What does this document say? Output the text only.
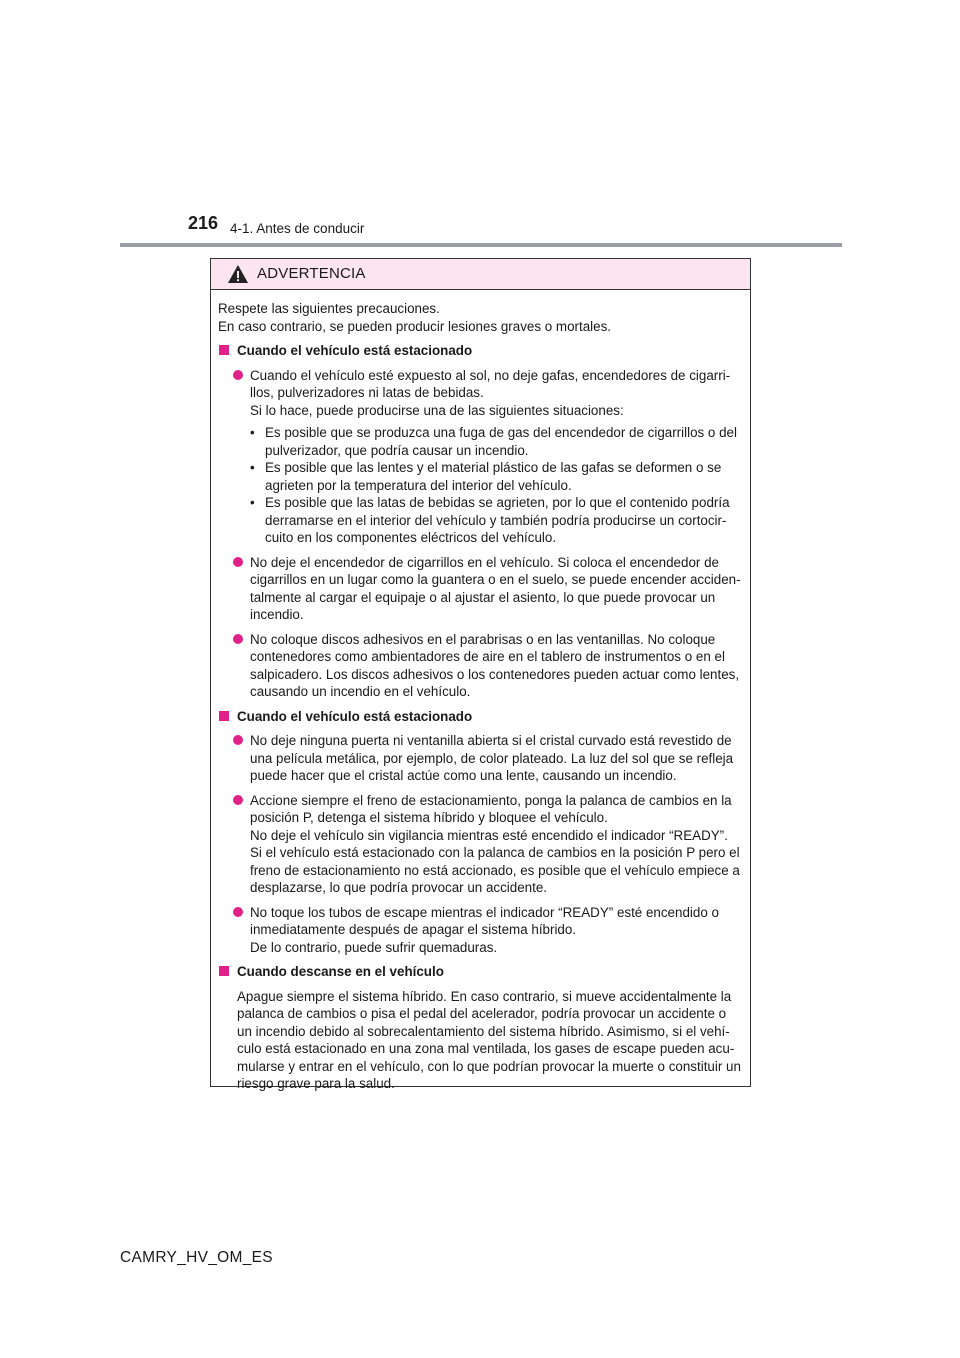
216 4-1. Antes de conducir
ADVERTENCIA

Respete las siguientes precauciones.
En caso contrario, se pueden producir lesiones graves o mortales.

Cuando el vehículo está estacionado

Cuando el vehículo esté expuesto al sol, no deje gafas, encendedores de cigarri-
llos, pulverizadores ni latas de bebidas.
Si lo hace, puede producirse una de las siguientes situaciones:
• Es posible que se produzca una fuga de gas del encendedor de cigarrillos o del
pulverizador, que podría causar un incendio.
• Es posible que las lentes y el material plástico de las gafas se deformen o se
agrieten por la temperatura del interior del vehículo.
• Es posible que las latas de bebidas se agrieten, por lo que el contenido podría
derramarse en el interior del vehículo y también podría producirse un cortocir-
cuito en los componentes eléctricos del vehículo.
No deje el encendedor de cigarrillos en el vehículo. Si coloca el encendedor de
cigarrillos en un lugar como la guantera o en el suelo, se puede encender acciden-
talmente al cargar el equipaje o al ajustar el asiento, lo que puede provocar un
incendio.
No coloque discos adhesivos en el parabrisas o en las ventanillas. No coloque
contenedores como ambientadores de aire en el tablero de instrumentos o en el
salpicadero. Los discos adhesivos o los contenedores pueden actuar como lentes,
causando un incendio en el vehículo.

Cuando el vehículo está estacionado

No deje ninguna puerta ni ventanilla abierta si el cristal curvado está revestido de
una película metálica, por ejemplo, de color plateado. La luz del sol que se refleja
puede hacer que el cristal actúe como una lente, causando un incendio.
Accione siempre el freno de estacionamiento, ponga la palanca de cambios en la
posición P, detenga el sistema híbrido y bloquee el vehículo.
No deje el vehículo sin vigilancia mientras esté encendido el indicador “READY”.
Si el vehículo está estacionado con la palanca de cambios en la posición P pero el
freno de estacionamiento no está accionado, es posible que el vehículo empiece a
desplazarse, lo que podría provocar un accidente.
No toque los tubos de escape mientras el indicador “READY” esté encendido o
inmediatamente después de apagar el sistema híbrido.
De lo contrario, puede sufrir quemaduras.

Cuando descanse en el vehículo

Apague siempre el sistema híbrido. En caso contrario, si mueve accidentalmente la
palanca de cambios o pisa el pedal del acelerador, podría provocar un accidente o
un incendio debido al sobrecalentamiento del sistema híbrido. Asimismo, si el vehí-
culo está estacionado en una zona mal ventilada, los gases de escape pueden acu-
mularse y entrar en el vehículo, con lo que podrían provocar la muerte o constituir un
riesgo grave para la salud.

CAMRY_HV_OM_ES
